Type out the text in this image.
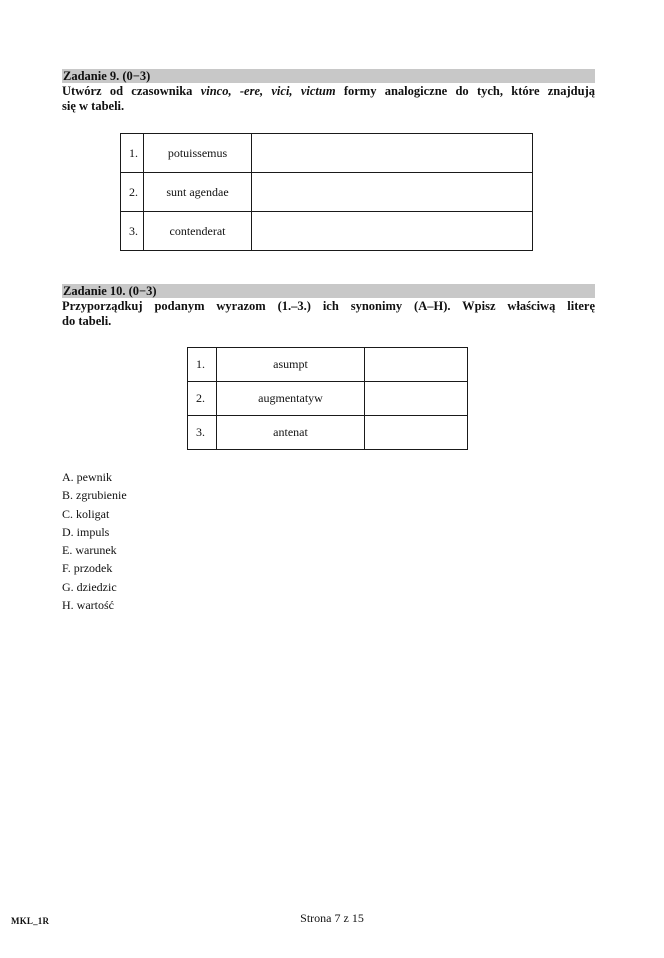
Zadanie 9. (0−3)
Utwórz od czasownika vinco, -ere, vici, victum formy analogiczne do tych, które znajdują
się w tabeli.
1.	potuissemus	
2.	sunt agendae	
3.	contenderat	
Zadanie 10. (0−3)
Przyporządkuj podanym wyrazom (1.–3.) ich synonimy (A–H). Wpisz właściwą literę
do tabeli.
1.	asumpt	
2.	augmentatyw	
3.	antenat	
A. pewnik
B. zgrubienie
C. koligat
D. impuls
E. warunek
F. przodek
G. dziedzic
H. wartość
MKL_1R	Strona 7 z 15
